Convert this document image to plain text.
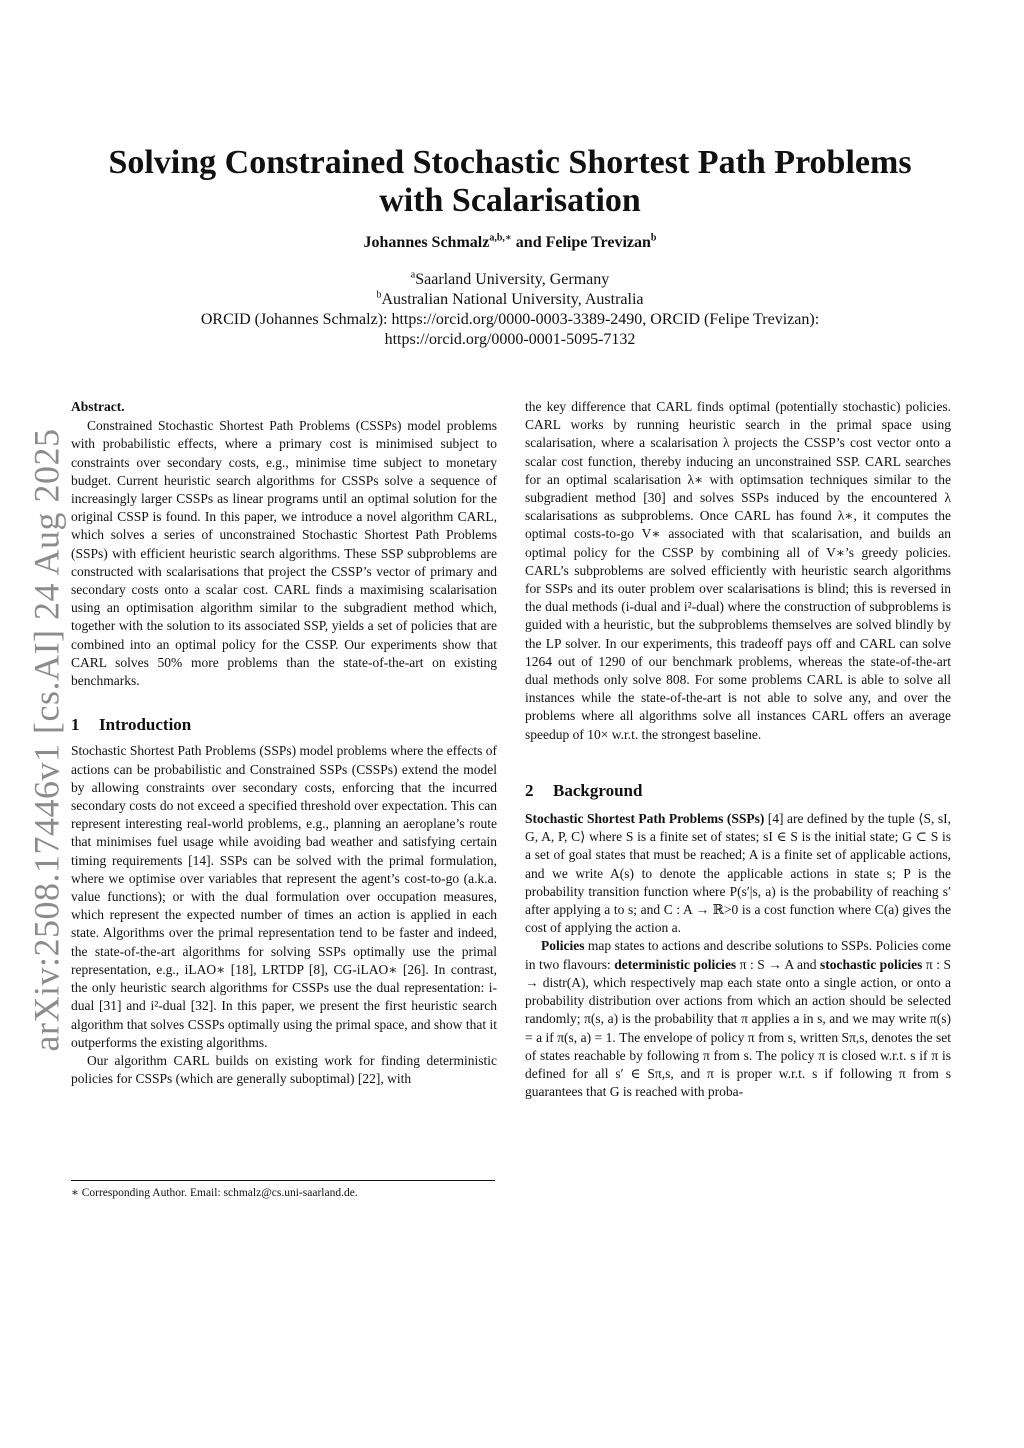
arXiv:2508.17446v1 [cs.AI] 24 Aug 2025
Solving Constrained Stochastic Shortest Path Problems
with Scalarisation
Johannes Schmalz$^{a,b,∗}$ and Felipe Trevizan$^b$
$^a$Saarland University, Germany
$^b$Australian National University, Australia
ORCID (Johannes Schmalz): https://orcid.org/0000-0003-3389-2490, ORCID (Felipe Trevizan):
https://orcid.org/0000-0001-5095-7132

Abstract.

Constrained Stochastic Shortest Path Problems (CSSPs) model problems with probabilistic effects, where a primary cost is minimised subject to constraints over secondary costs, e.g., minimise time subject to monetary budget. Current heuristic search algorithms for CSSPs solve a sequence of increasingly larger CSSPs as linear programs until an optimal solution for the original CSSP is found. In this paper, we introduce a novel algorithm CARL, which solves a series of unconstrained Stochastic Shortest Path Problems (SSPs) with efficient heuristic search algorithms. These SSP subproblems are constructed with scalarisations that project the CSSP’s vector of primary and secondary costs onto a scalar cost. CARL finds a maximising scalarisation using an optimisation algorithm similar to the subgradient method which, together with the solution to its associated SSP, yields a set of policies that are combined into an optimal policy for the CSSP. Our experiments show that CARL solves 50% more problems than the state-of-the-art on existing benchmarks.

1 Introduction

Stochastic Shortest Path Problems (SSPs) model problems where the effects of actions can be probabilistic and Constrained SSPs (CSSPs) extend the model by allowing constraints over secondary costs, enforcing that the incurred secondary costs do not exceed a specified threshold over expectation. This can represent interesting real-world problems, e.g., planning an aeroplane’s route that minimises fuel usage while avoiding bad weather and satisfying certain timing requirements [14]. SSPs can be solved with the primal formulation, where we optimise over variables that represent the agent’s cost-to-go (a.k.a. value functions); or with the dual formulation over occupation measures, which represent the expected number of times an action is applied in each state. Algorithms over the primal representation tend to be faster and indeed, the state-of-the-art algorithms for solving SSPs optimally use the primal representation, e.g., iLAO∗ [18], LRTDP [8], CG-iLAO∗ [26]. In contrast, the only heuristic search algorithms for CSSPs use the dual representation: i-dual [31] and i²-dual [32]. In this paper, we present the first heuristic search algorithm that solves CSSPs optimally using the primal space, and show that it outperforms the existing algorithms.

Our algorithm CARL builds on existing work for finding deterministic policies for CSSPs (which are generally suboptimal) [22], with

∗ Corresponding Author. Email: schmalz@cs.uni-saarland.de.

the key difference that CARL finds optimal (potentially stochastic) policies. CARL works by running heuristic search in the primal space using scalarisation, where a scalarisation λ projects the CSSP’s cost vector onto a scalar cost function, thereby inducing an unconstrained SSP. CARL searches for an optimal scalarisation λ∗ with optimsation techniques similar to the subgradient method [30] and solves SSPs induced by the encountered λ scalarisations as subproblems. Once CARL has found λ∗, it computes the optimal costs-to-go V∗ associated with that scalarisation, and builds an optimal policy for the CSSP by combining all of V∗’s greedy policies. CARL’s subproblems are solved efficiently with heuristic search algorithms for SSPs and its outer problem over scalarisations is blind; this is reversed in the dual methods (i-dual and i²-dual) where the construction of subproblems is guided with a heuristic, but the subproblems themselves are solved blindly by the LP solver. In our experiments, this tradeoff pays off and CARL can solve 1264 out of 1290 of our benchmark problems, whereas the state-of-the-art dual methods only solve 808. For some problems CARL is able to solve all instances while the state-of-the-art is not able to solve any, and over the problems where all algorithms solve all instances CARL offers an average speedup of 10× w.r.t. the strongest baseline.

2 Background

Stochastic Shortest Path Problems (SSPs) [4] are defined by the tuple ⟨S, sI, G, A, P, C⟩ where S is a finite set of states; sI ∈ S is the initial state; G ⊂ S is a set of goal states that must be reached; A is a finite set of applicable actions, and we write A(s) to denote the applicable actions in state s; P is the probability transition function where P(s′|s, a) is the probability of reaching s′ after applying a to s; and C : A → ℝ>0 is a cost function where C(a) gives the cost of applying the action a.

Policies map states to actions and describe solutions to SSPs. Policies come in two flavours: deterministic policies π : S → A and stochastic policies π : S → distr(A), which respectively map each state onto a single action, or onto a probability distribution over actions from which an action should be selected randomly; π(s, a) is the probability that π applies a in s, and we may write π(s) = a if π(s, a) = 1. The envelope of policy π from s, written Sπ,s, denotes the set of states reachable by following π from s. The policy π is closed w.r.t. s if π is defined for all s′ ∈ Sπ,s, and π is proper w.r.t. s if following π from s guarantees that G is reached with proba-
